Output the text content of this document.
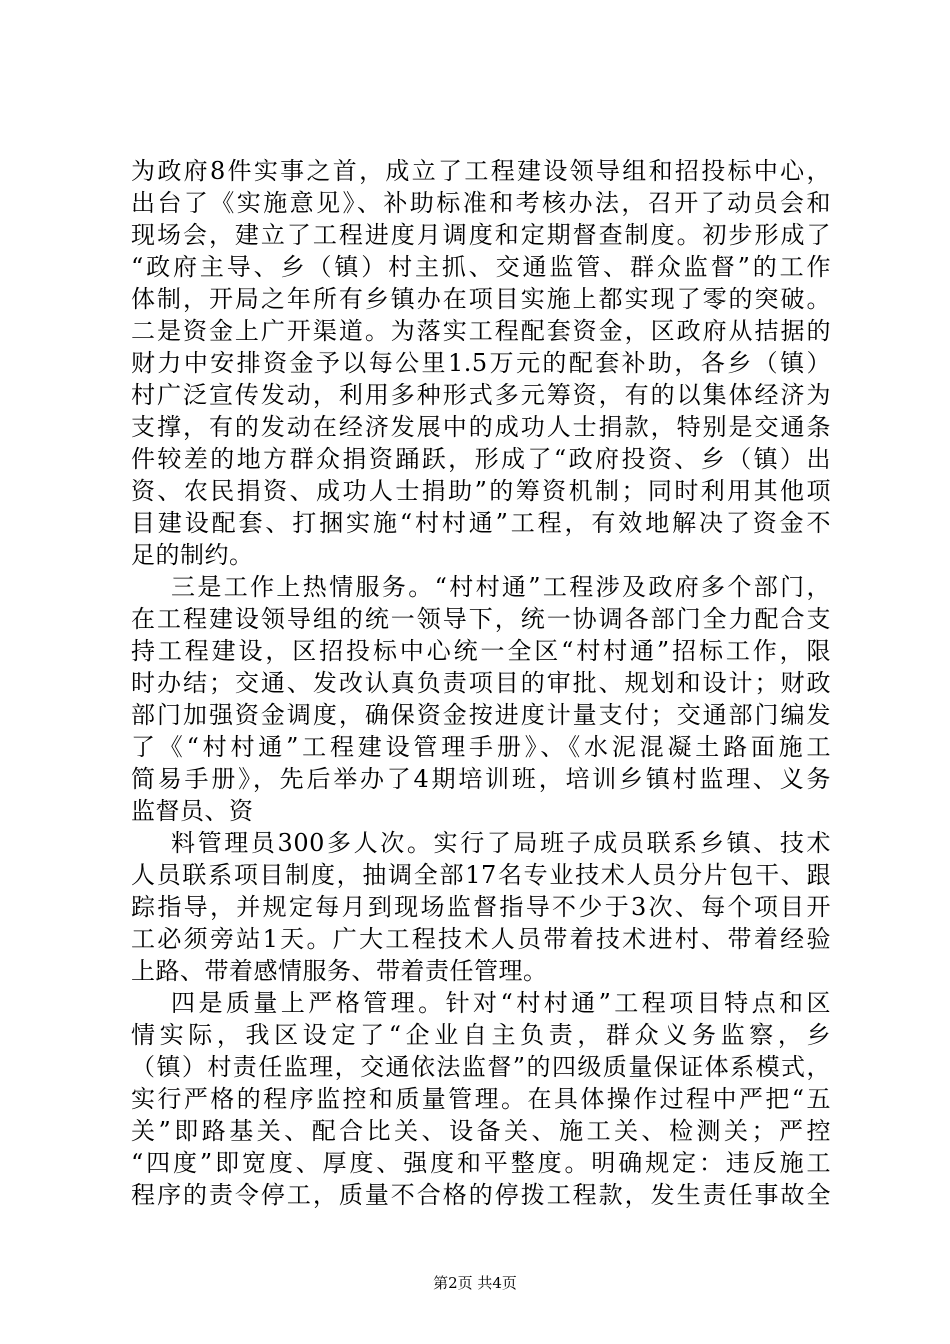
为政府8件实事之首，成立了工程建设领导组和招投标中心，
出台了《实施意见》、补助标准和考核办法，召开了动员会和
现场会，建立了工程进度月调度和定期督查制度。初步形成了
“政府主导、乡（镇）村主抓、交通监管、群众监督”的工作
体制，开局之年所有乡镇办在项目实施上都实现了零的突破。
二是资金上广开渠道。为落实工程配套资金，区政府从拮据的
财力中安排资金予以每公里1.5万元的配套补助，各乡（镇）
村广泛宣传发动，利用多种形式多元筹资，有的以集体经济为
支撑，有的发动在经济发展中的成功人士捐款，特别是交通条
件较差的地方群众捐资踊跃，形成了“政府投资、乡（镇）出
资、农民捐资、成功人士捐助”的筹资机制；同时利用其他项
目建设配套、打捆实施“村村通”工程，有效地解决了资金不
足的制约。
三是工作上热情服务。“村村通”工程涉及政府多个部门，
在工程建设领导组的统一领导下，统一协调各部门全力配合支
持工程建设，区招投标中心统一全区“村村通”招标工作，限
时办结；交通、发改认真负责项目的审批、规划和设计；财政
部门加强资金调度，确保资金按进度计量支付；交通部门编发
了《“村村通”工程建设管理手册》、《水泥混凝土路面施工
简易手册》，先后举办了4期培训班，培训乡镇村监理、义务
监督员、资
料管理员300多人次。实行了局班子成员联系乡镇、技术
人员联系项目制度，抽调全部17名专业技术人员分片包干、跟
踪指导，并规定每月到现场监督指导不少于3次、每个项目开
工必须旁站1天。广大工程技术人员带着技术进村、带着经验
上路、带着感情服务、带着责任管理。
四是质量上严格管理。针对“村村通”工程项目特点和区
情实际，我区设定了“企业自主负责，群众义务监察，乡
（镇）村责任监理，交通依法监督”的四级质量保证体系模式，
实行严格的程序监控和质量管理。在具体操作过程中严把“五
关”即路基关、配合比关、设备关、施工关、检测关；严控
“四度”即宽度、厚度、强度和平整度。明确规定：违反施工
程序的责令停工，质量不合格的停拨工程款，发生责任事故全
第2页 共4页
